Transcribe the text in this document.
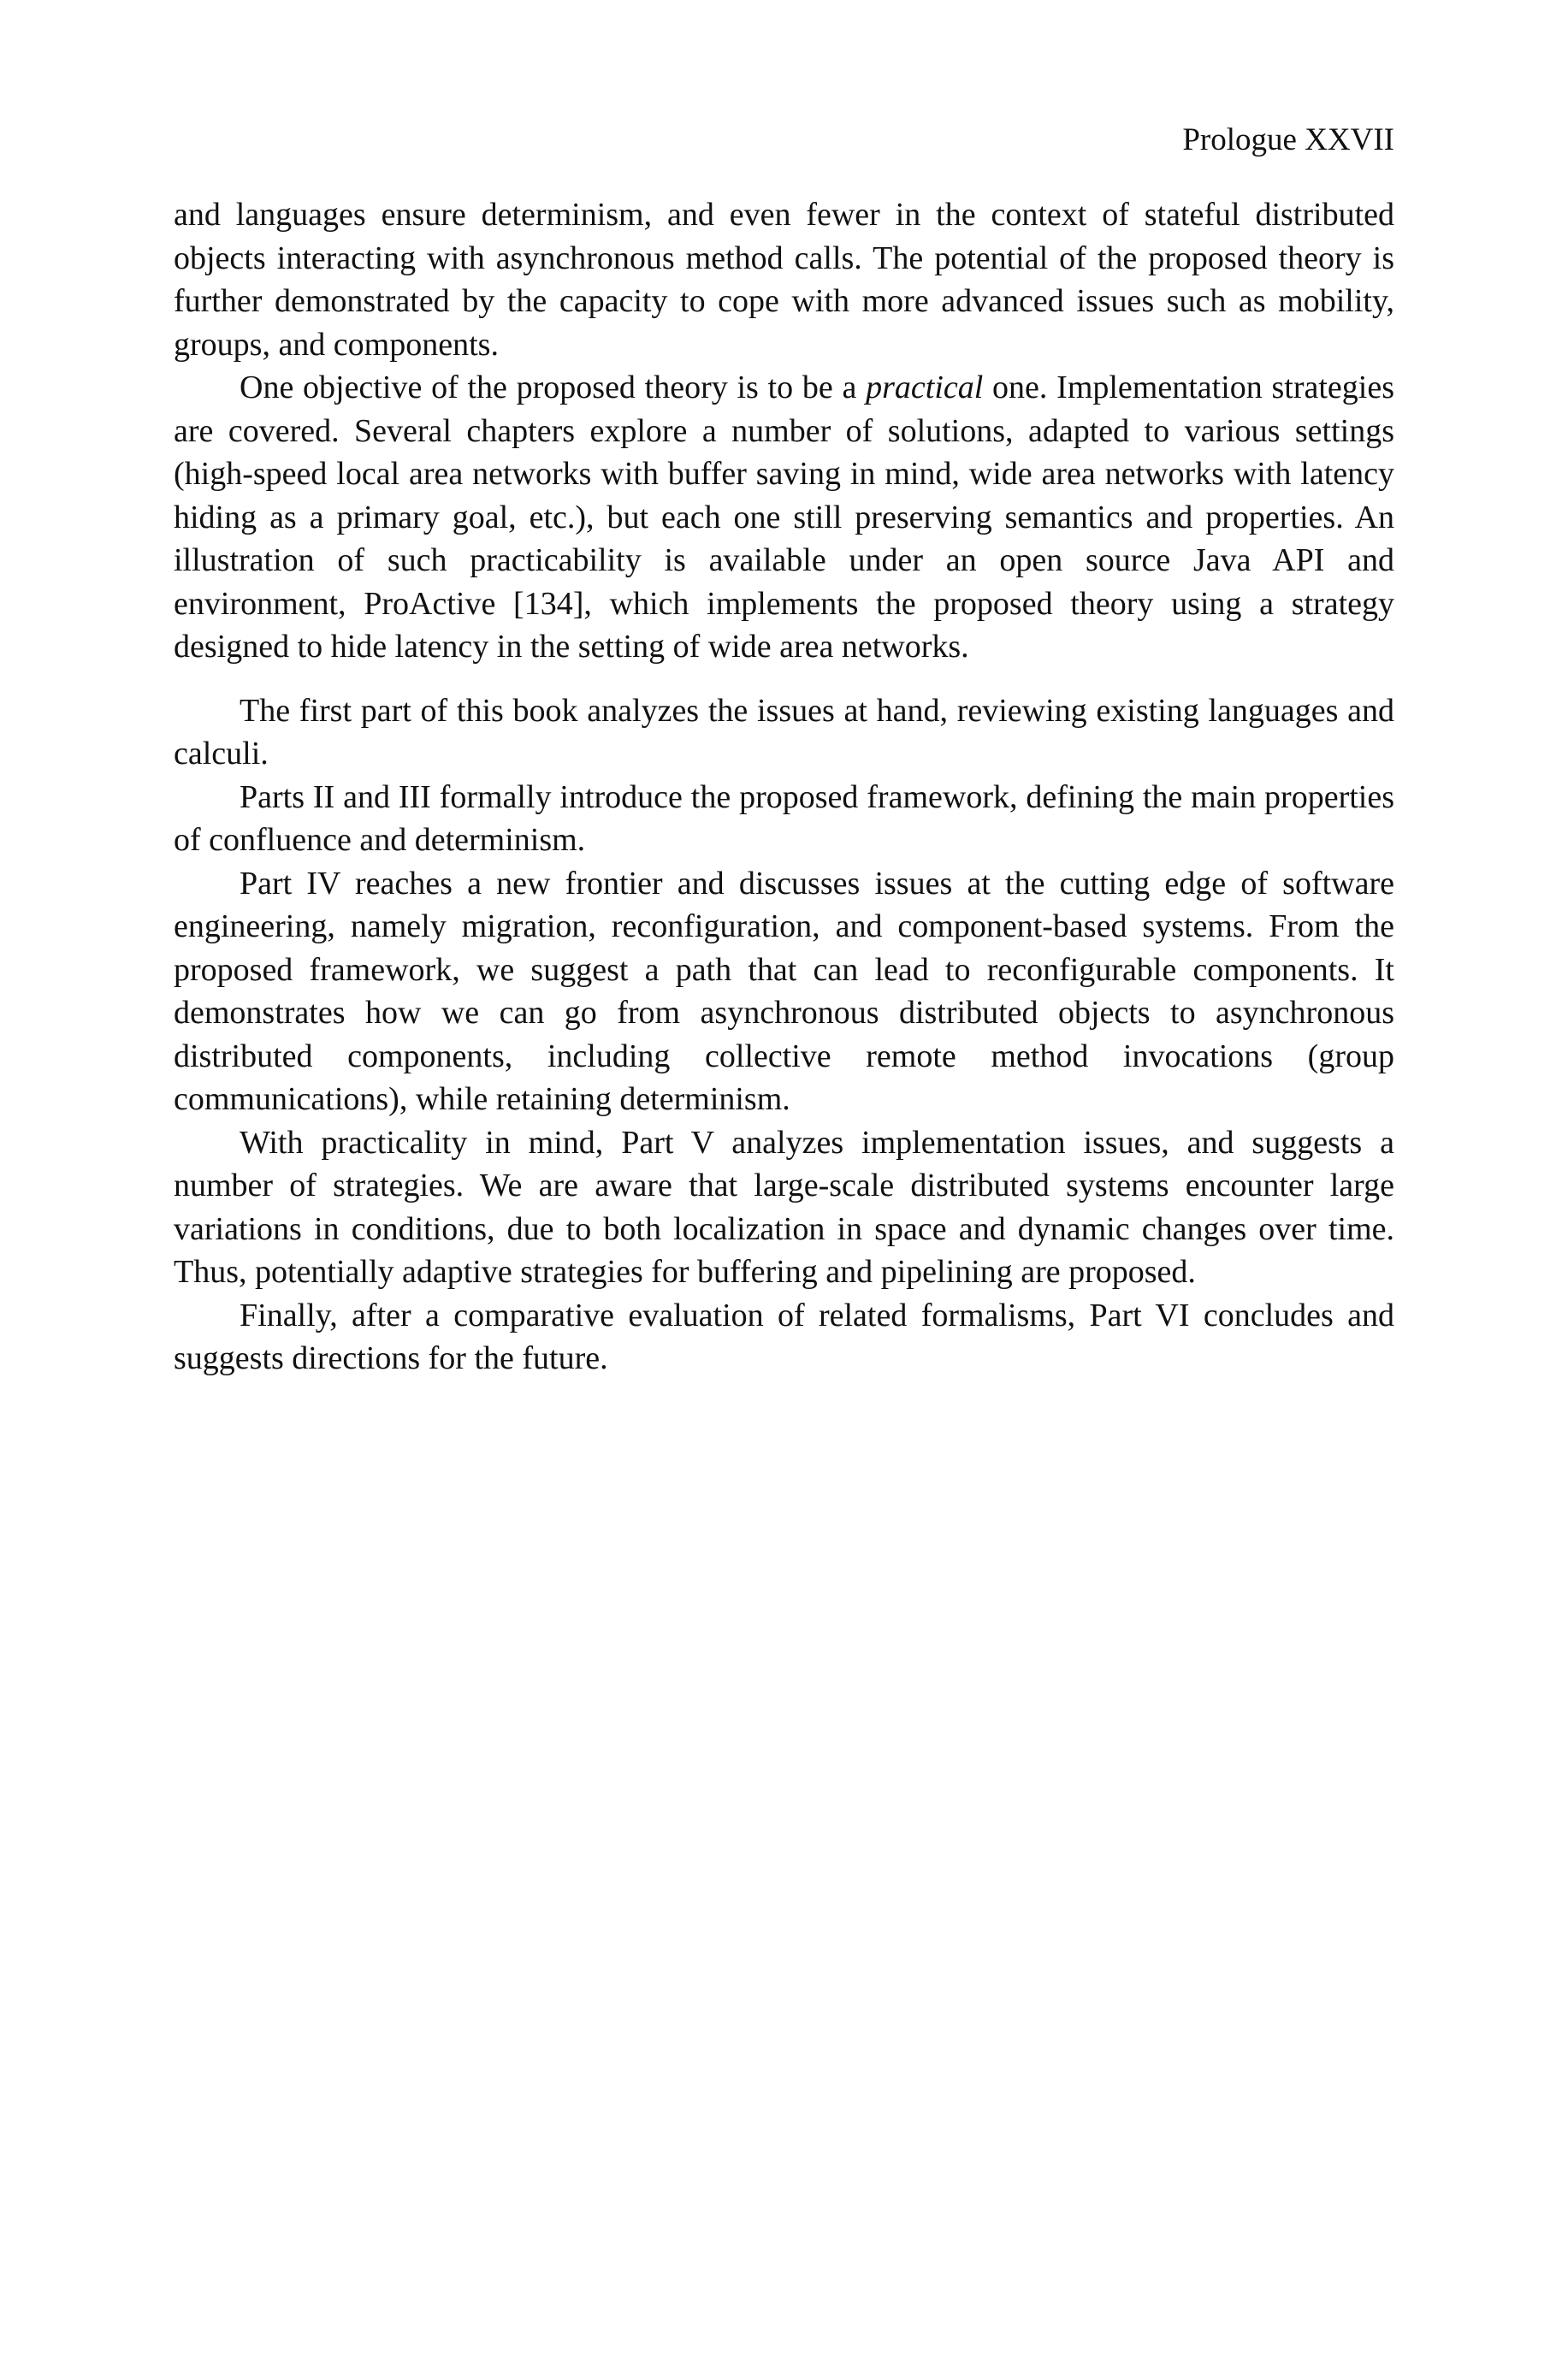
Prologue XXVII

and languages ensure determinism, and even fewer in the context of stateful distributed objects interacting with asynchronous method calls. The potential of the proposed theory is further demonstrated by the capacity to cope with more advanced issues such as mobility, groups, and components.

One objective of the proposed theory is to be a practical one. Implementation strategies are covered. Several chapters explore a number of solutions, adapted to various settings (high-speed local area networks with buffer saving in mind, wide area networks with latency hiding as a primary goal, etc.), but each one still preserving semantics and properties. An illustration of such practicability is available under an open source Java API and environment, ProActive [134], which implements the proposed theory using a strategy designed to hide latency in the setting of wide area networks.

The first part of this book analyzes the issues at hand, reviewing existing languages and calculi.

Parts II and III formally introduce the proposed framework, defining the main properties of confluence and determinism.

Part IV reaches a new frontier and discusses issues at the cutting edge of software engineering, namely migration, reconfiguration, and component-based systems. From the proposed framework, we suggest a path that can lead to reconfigurable components. It demonstrates how we can go from asynchronous distributed objects to asynchronous distributed components, including collective remote method invocations (group communications), while retaining determinism.

With practicality in mind, Part V analyzes implementation issues, and suggests a number of strategies. We are aware that large-scale distributed systems encounter large variations in conditions, due to both localization in space and dynamic changes over time. Thus, potentially adaptive strategies for buffering and pipelining are proposed.

Finally, after a comparative evaluation of related formalisms, Part VI concludes and suggests directions for the future.
